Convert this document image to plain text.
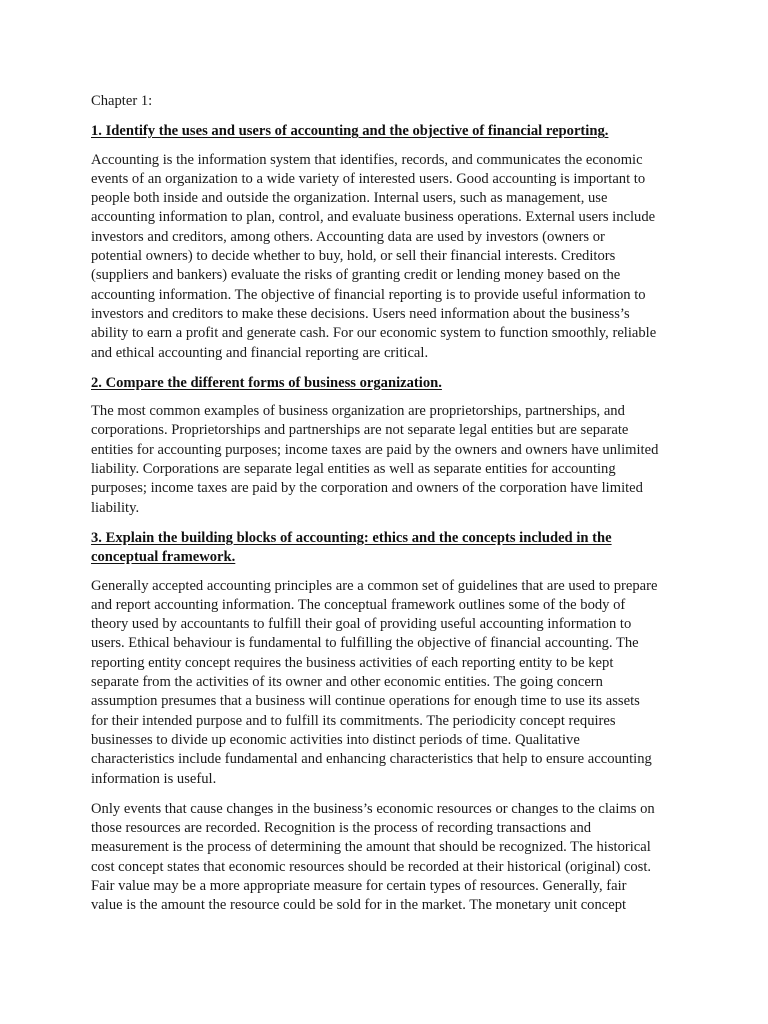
Chapter 1:
1. Identify the uses and users of accounting and the objective of financial reporting.
Accounting is the information system that identifies, records, and communicates the economic
events of an organization to a wide variety of interested users. Good accounting is important to
people both inside and outside the organization. Internal users, such as management, use
accounting information to plan, control, and evaluate business operations. External users include
investors and creditors, among others. Accounting data are used by investors (owners or
potential owners) to decide whether to buy, hold, or sell their financial interests. Creditors
(suppliers and bankers) evaluate the risks of granting credit or lending money based on the
accounting information. The objective of financial reporting is to provide useful information to
investors and creditors to make these decisions. Users need information about the business’s
ability to earn a profit and generate cash. For our economic system to function smoothly, reliable
and ethical accounting and financial reporting are critical.
2. Compare the different forms of business organization.
The most common examples of business organization are proprietorships, partnerships, and
corporations. Proprietorships and partnerships are not separate legal entities but are separate
entities for accounting purposes; income taxes are paid by the owners and owners have unlimited
liability. Corporations are separate legal entities as well as separate entities for accounting
purposes; income taxes are paid by the corporation and owners of the corporation have limited
liability.
3. Explain the building blocks of accounting: ethics and the concepts included in the
conceptual framework.
Generally accepted accounting principles are a common set of guidelines that are used to prepare
and report accounting information. The conceptual framework outlines some of the body of
theory used by accountants to fulfill their goal of providing useful accounting information to
users. Ethical behaviour is fundamental to fulfilling the objective of financial accounting. The
reporting entity concept requires the business activities of each reporting entity to be kept
separate from the activities of its owner and other economic entities. The going concern
assumption presumes that a business will continue operations for enough time to use its assets
for their intended purpose and to fulfill its commitments. The periodicity concept requires
businesses to divide up economic activities into distinct periods of time. Qualitative
characteristics include fundamental and enhancing characteristics that help to ensure accounting
information is useful.
Only events that cause changes in the business’s economic resources or changes to the claims on
those resources are recorded. Recognition is the process of recording transactions and
measurement is the process of determining the amount that should be recognized. The historical
cost concept states that economic resources should be recorded at their historical (original) cost.
Fair value may be a more appropriate measure for certain types of resources. Generally, fair
value is the amount the resource could be sold for in the market. The monetary unit concept
